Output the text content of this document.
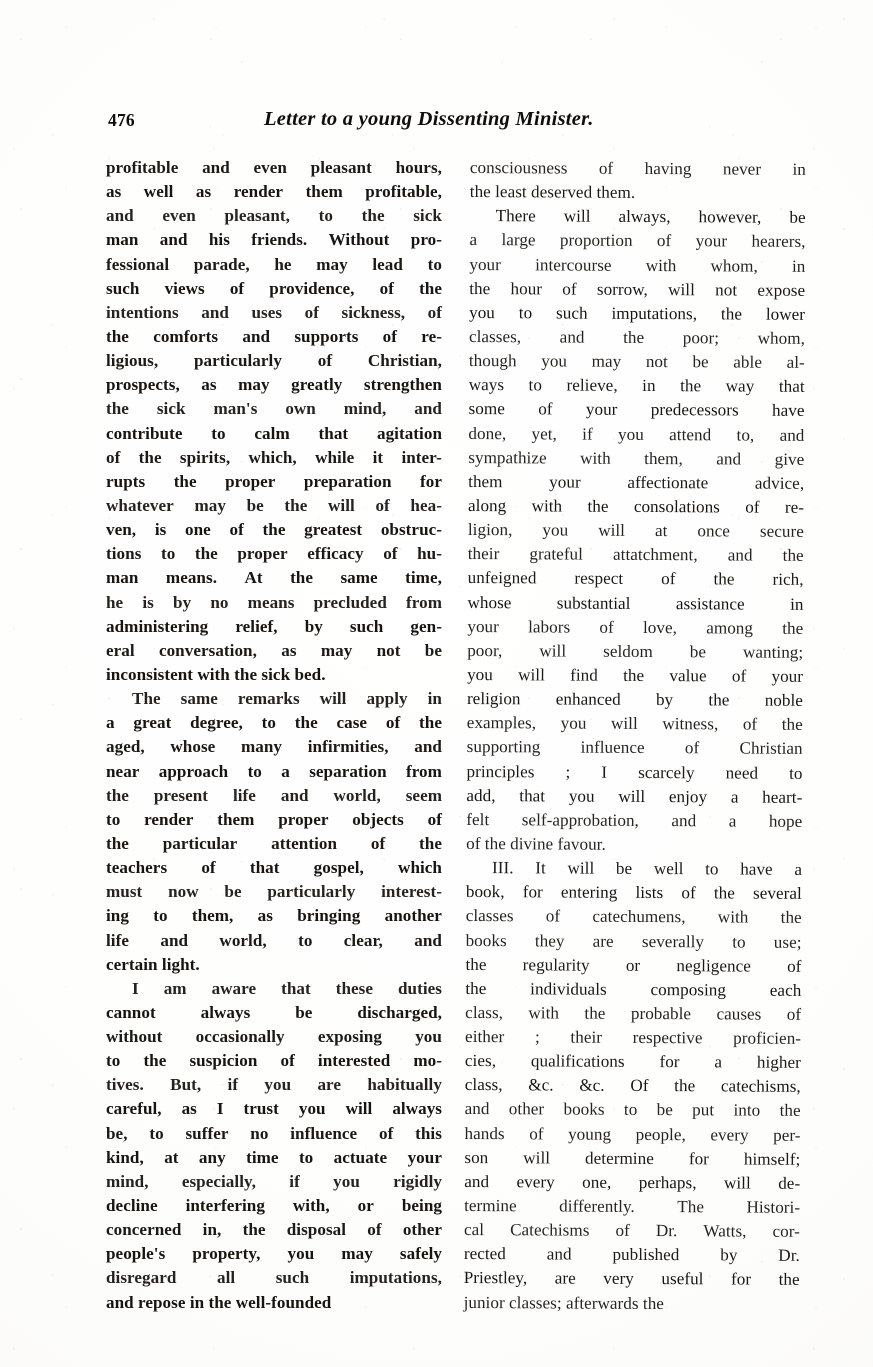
476	Letter to a young Dissenting Minister.
profitable and even pleasant hours,
as well as render them profitable,
and even pleasant, to the sick
man and his friends. Without pro-
fessional parade, he may lead to
such views of providence, of the
intentions and uses of sickness, of
the comforts and supports of re-
ligious, particularly of Christian,
prospects, as may greatly strengthen
the sick man's own mind, and
contribute to calm that agitation
of the spirits, which, while it inter-
rupts the proper preparation for
whatever may be the will of hea-
ven, is one of the greatest obstruc-
tions to the proper efficacy of hu-
man means. At the same time,
he is by no means precluded from
administering relief, by such gen-
eral conversation, as may not be
inconsistent with the sick bed.
The same remarks will apply in
a great degree, to the case of the
aged, whose many infirmities, and
near approach to a separation from
the present life and world, seem
to render them proper objects of
the particular attention of the
teachers of that gospel, which
must now be particularly interest-
ing to them, as bringing another
life and world, to clear, and
certain light.
I am aware that these duties
cannot	always	be	discharged,
without occasionally exposing you
to the suspicion of interested mo-
tives. But, if you are habitually
careful, as I trust you will always
be, to suffer no influence of this
kind, at any time to actuate your
mind, especially, if you rigidly
decline interfering with, or being
concerned in, the disposal of other
people's property, you may safely
disregard all such imputations,
and repose in the well-founded
consciousness of having never in
the least deserved them.
There will always, however, be
a large proportion of your hearers,
your intercourse with whom, in
the hour of sorrow, will not expose
you to such imputations, the lower
classes, and the poor; whom,
though you may not be able al-
ways to relieve, in the way that
some of your predecessors have
done, yet, if you attend to, and
sympathize with them, and give
them	your	affectionate	advice,
along with the consolations of re-
ligion, you will at once secure
their grateful attatchment, and the
unfeigned respect of the rich,
whose	substantial	assistance	in
your labors of love, among the
poor, will seldom be wanting;
you will find the value of your
religion enhanced by the noble
examples, you will witness, of the
supporting influence of Christian
principles ; I scarcely need to
add, that you will enjoy a heart-
felt self-approbation, and a hope
of the divine favour.
III. It will be well to have a
book, for entering lists of the several
classes of catechumens, with the
books they are severally to use;
the regularity or negligence of
the	individuals	composing	each
class, with the probable causes of
either ; their respective proficien-
cies, qualifications for a higher
class, &c. &c. Of the catechisms,
and other books to be put into the
hands of young people, every per-
son will determine for himself;
and every one, perhaps, will de-
termine differently. The Histori-
cal Catechisms of Dr. Watts, cor-
rected and published by Dr.
Priestley, are very useful for the
junior classes; afterwards the
